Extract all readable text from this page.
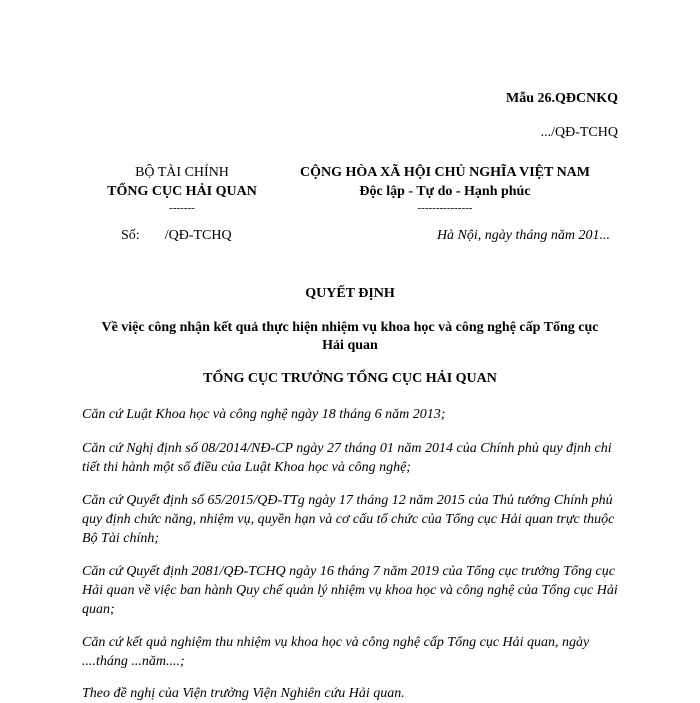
Mẫu 26.QĐCNKQ
.../QĐ-TCHQ
BỘ TÀI CHÍNH
TỔNG CỤC HẢI QUAN
-------
Số: /QĐ-TCHQ
CỘNG HÒA XÃ HỘI CHỦ NGHĨA VIỆT NAM
Độc lập - Tự do - Hạnh phúc
---------------
Hà Nội, ngày tháng năm 201...
QUYẾT ĐỊNH
Về việc công nhận kết quả thực hiện nhiệm vụ khoa học và công nghệ cấp Tổng cục
Hải quan
TỔNG CỤC TRƯỞNG TỔNG CỤC HẢI QUAN
Căn cứ Luật Khoa học và công nghệ ngày 18 tháng 6 năm 2013;
Căn cứ Nghị định số 08/2014/NĐ-CP ngày 27 tháng 01 năm 2014 của Chính phủ quy định chi tiết thi hành một số điều của Luật Khoa học và công nghệ;
Căn cứ Quyết định số 65/2015/QĐ-TTg ngày 17 tháng 12 năm 2015 của Thủ tướng Chính phủ quy định chức năng, nhiệm vụ, quyền hạn và cơ cấu tổ chức của Tổng cục Hải quan trực thuộc Bộ Tài chính;
Căn cứ Quyết định 2081/QĐ-TCHQ ngày 16 tháng 7 năm 2019 của Tổng cục trưởng Tổng cục Hải quan về việc ban hành Quy chế quản lý nhiệm vụ khoa học và công nghệ của Tổng cục Hải quan;
Căn cứ kết quả nghiệm thu nhiệm vụ khoa học và công nghệ cấp Tổng cục Hải quan, ngày ....tháng ...năm....;
Theo đề nghị của Viện trưởng Viện Nghiên cứu Hải quan.
